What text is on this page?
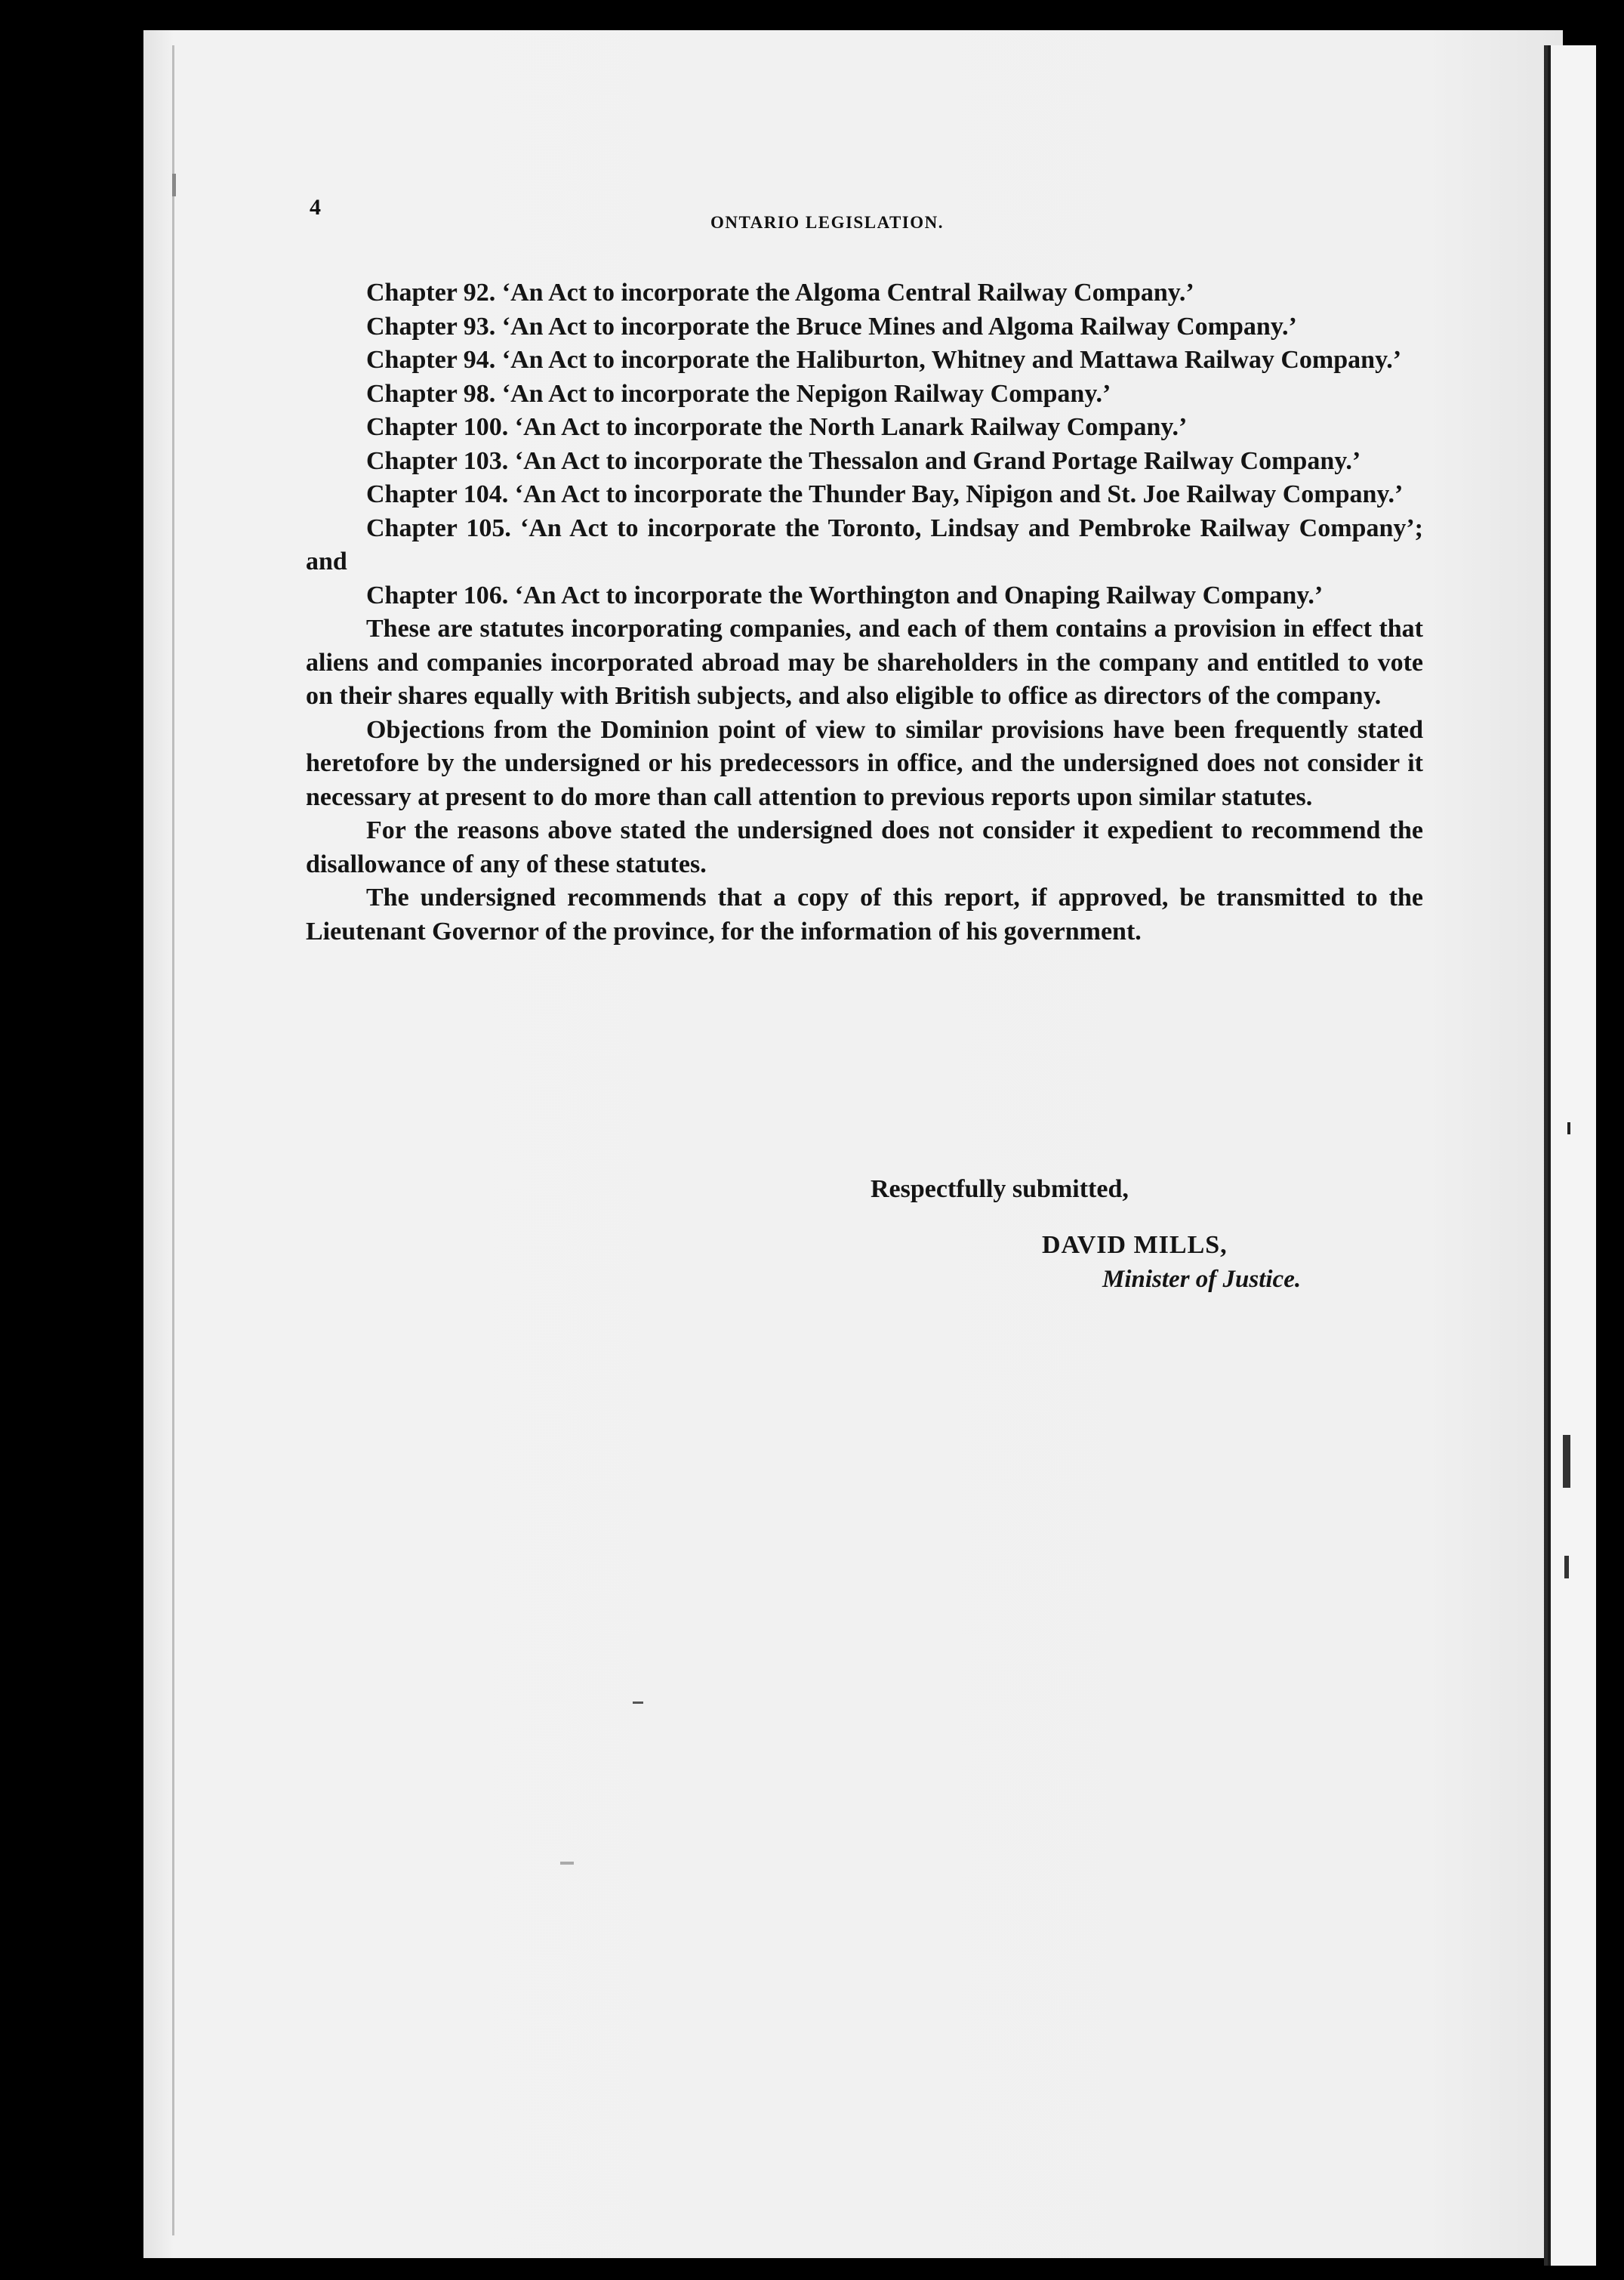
4
ONTARIO LEGISLATION.

Chapter 92. ‘An Act to incorporate the Algoma Central Railway Company.’

Chapter 93. ‘An Act to incorporate the Bruce Mines and Algoma Railway Company.’

Chapter 94. ‘An Act to incorporate the Haliburton, Whitney and Mattawa Railway Company.’

Chapter 98. ‘An Act to incorporate the Nepigon Railway Company.’

Chapter 100. ‘An Act to incorporate the North Lanark Railway Company.’

Chapter 103. ‘An Act to incorporate the Thessalon and Grand Portage Railway Company.’

Chapter 104. ‘An Act to incorporate the Thunder Bay, Nipigon and St. Joe Railway Company.’

Chapter 105. ‘An Act to incorporate the Toronto, Lindsay and Pembroke Railway Company’; and

Chapter 106. ‘An Act to incorporate the Worthington and Onaping Railway Company.’

These are statutes incorporating companies, and each of them contains a provision in effect that aliens and companies incorporated abroad may be shareholders in the company and entitled to vote on their shares equally with British subjects, and also eligible to office as directors of the company.

Objections from the Dominion point of view to similar provisions have been frequently stated heretofore by the undersigned or his predecessors in office, and the undersigned does not consider it necessary at present to do more than call attention to previous reports upon similar statutes.

For the reasons above stated the undersigned does not consider it expedient to recommend the disallowance of any of these statutes.

The undersigned recommends that a copy of this report, if approved, be transmitted to the Lieutenant Governor of the province, for the information of his government.

Respectfully submitted,
DAVID MILLS,
Minister of Justice.
